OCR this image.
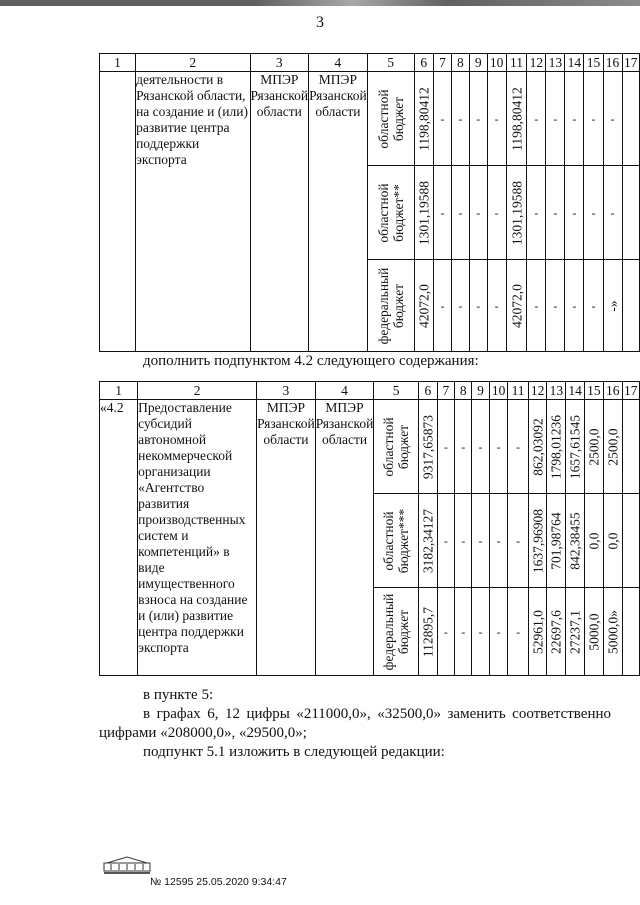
3
1	2	3	4	5	6	7	8	9	10	11	12	13	14	15	16	17
	деятельности в Рязанской области, на создание и (или) развитие центра поддержки экспорта	МПЭР Рязанской области	МПЭР Рязанской области	областной бюджет	1198,80412	-	-	-	-	1198,80412	-	-	-	-	-	

				областной бюджет**	1301,19588	-	-	-	-	1301,19588	-	-	-	-	-	

				федеральный бюджет	42072,0	-	-	-	-	42072,0	-	-	-	-	-»	

дополнить подпунктом 4.2 следующего содержания:
1	2	3	4	5	6	7	8	9	10	11	12	13	14	15	16	17
«4.2	Предоставление субсидий автономной некоммерческой организации «Агентство развития производственных систем и компетенций» в виде имущественного взноса на создание и (или) развитие центра поддержки экспорта	МПЭР Рязанской области	МПЭР Рязанской области	областной бюджет	9317,65873	-	-	-	-	-	862,03092	1798,01236	1657,61545	2500,0	2500,0	

				областной бюджет***	3182,34127	-	-	-	-	-	1637,96908	701,98764	842,38455	0,0	0,0	

				федеральный бюджет	112895,7	-	-	-	-	-	52961,0	22697,6	27237,1	5000,0	5000,0»	

в пункте 5:
в графах 6, 12 цифры «211000,0», «32500,0» заменить соответственно цифрами «208000,0», «29500,0»;
подпункт 5.1 изложить в следующей редакции:
№ 12595 25.05.2020 9:34:47
